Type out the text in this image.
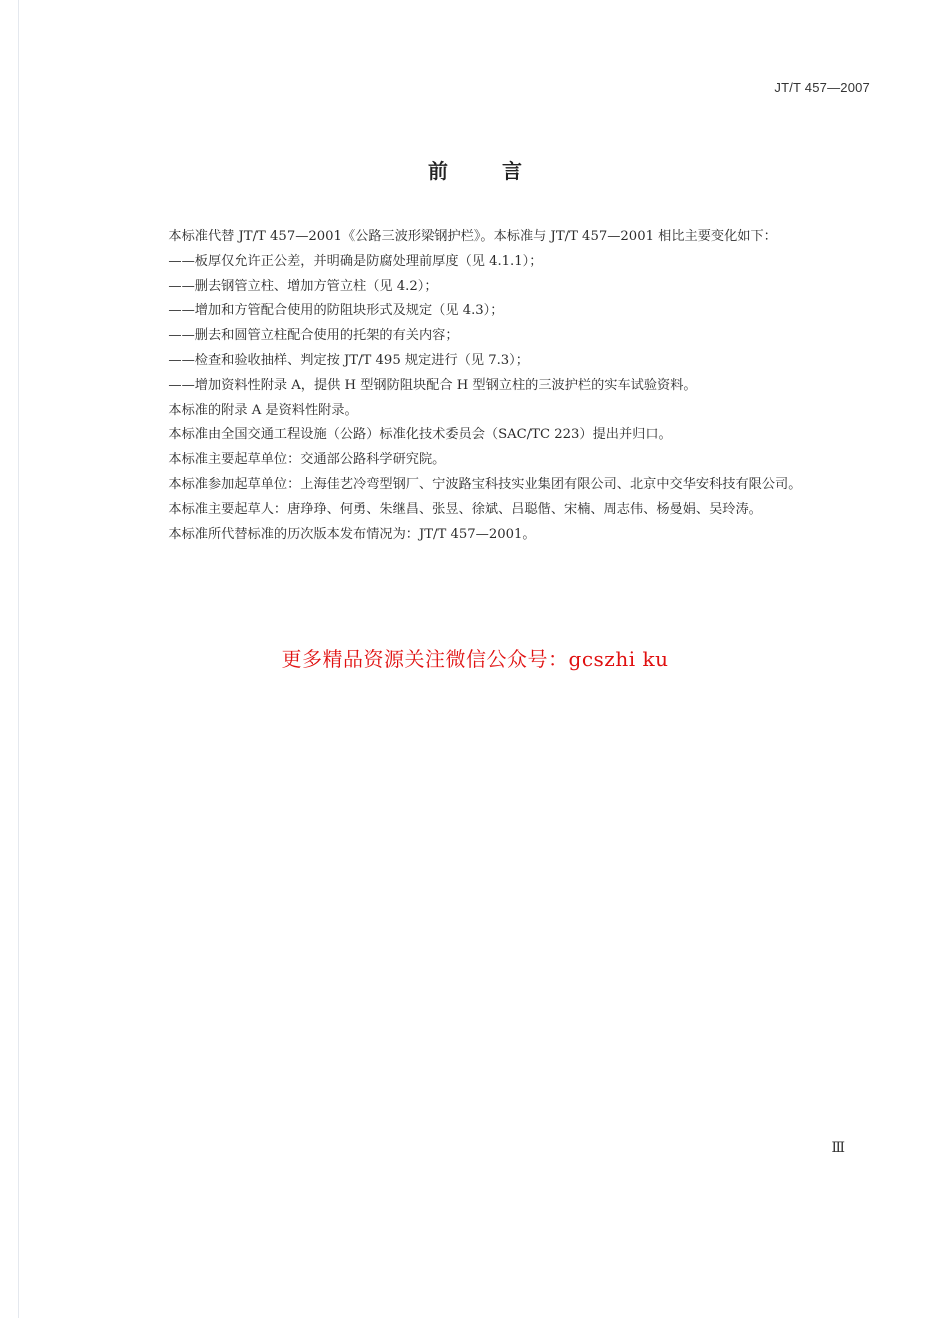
JT/T 457—2007
前	言

本标准代替 JT/T 457—2001《公路三波形梁钢护栏》。本标准与 JT/T 457—2001 相比主要变化如下：

——板厚仅允许正公差，并明确是防腐处理前厚度（见 4.1.1）；

——删去钢管立柱、增加方管立柱（见 4.2）；

——增加和方管配合使用的防阻块形式及规定（见 4.3）；

——删去和圆管立柱配合使用的托架的有关内容；

——检查和验收抽样、判定按 JT/T 495 规定进行（见 7.3）；

——增加资料性附录 A，提供 H 型钢防阻块配合 H 型钢立柱的三波护栏的实车试验资料。

本标准的附录 A 是资料性附录。

本标准由全国交通工程设施（公路）标准化技术委员会（SAC/TC 223）提出并归口。

本标准主要起草单位：交通部公路科学研究院。

本标准参加起草单位：上海佳艺冷弯型钢厂、宁波路宝科技实业集团有限公司、北京中交华安科技有限公司。

本标准主要起草人：唐琤琤、何勇、朱继昌、张昱、徐斌、吕聪偕、宋楠、周志伟、杨曼娟、吴玲涛。

本标准所代替标准的历次版本发布情况为：JT/T 457—2001。

更多精品资源关注微信公众号：gcszhi ku
Ⅲ
